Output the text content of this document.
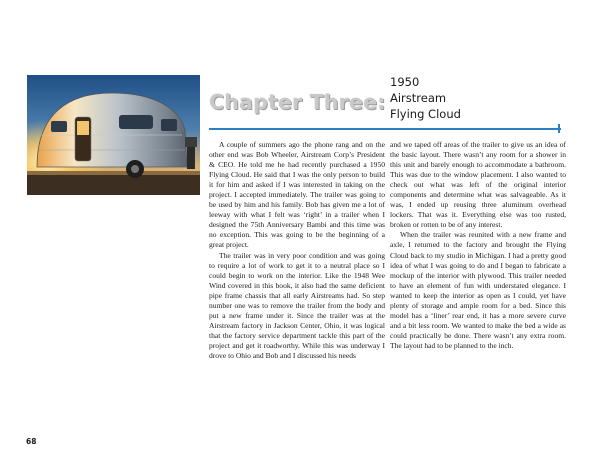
Chapter Three:
1950
Airstream
Flying Cloud

A couple of summers ago the phone rang and on the other end was Bob Wheeler, Airstream Corp’s President & CEO. He told me he had recently purchased a 1950 Flying Cloud. He said that I was the only person to build it for him and asked if I was interested in taking on the project. I accepted immediately. The trailer was going to be used by him and his family. Bob has given me a lot of leeway with what I felt was ‘right’ in a trailer when I designed the 75th Anniversary Bambi and this time was no exception. This was going to be the beginning of a great project.

The trailer was in very poor condition and was going to require a lot of work to get it to a neutral place so I could begin to work on the interior. Like the 1948 Wee Wind covered in this book, it also had the same deficient pipe frame chassis that all early Airstreams had. So step number one was to remove the trailer from the body and put a new frame under it. Since the trailer was at the Airstream factory in Jackson Center, Ohio, it was logical that the factory service department tackle this part of the project and get it roadworthy. While this was underway I drove to Ohio and Bob and I discussed his needs

and we taped off areas of the trailer to give us an idea of the basic layout. There wasn’t any room for a shower in this unit and barely enough to accommodate a bathroom. This was due to the window placement. I also wanted to check out what was left of the original interior components and determine what was salvageable. As it was, I ended up reusing three aluminum overhead lockers. That was it. Everything else was too rusted, broken or rotten to be of any interest.

When the trailer was reunited with a new frame and axle, I returned to the factory and brought the Flying Cloud back to my studio in Michigan. I had a pretty good idea of what I was going to do and I began to fabricate a mockup of the interior with plywood. This trailer needed to have an element of fun with understated elegance. I wanted to keep the interior as open as I could, yet have plenty of storage and ample room for a bed. Since this model has a ‘liner’ rear end, it has a more severe curve and a bit less room. We wanted to make the bed a wide as could practically be done. There wasn’t any extra room. The layout had to be planned to the inch.

68
